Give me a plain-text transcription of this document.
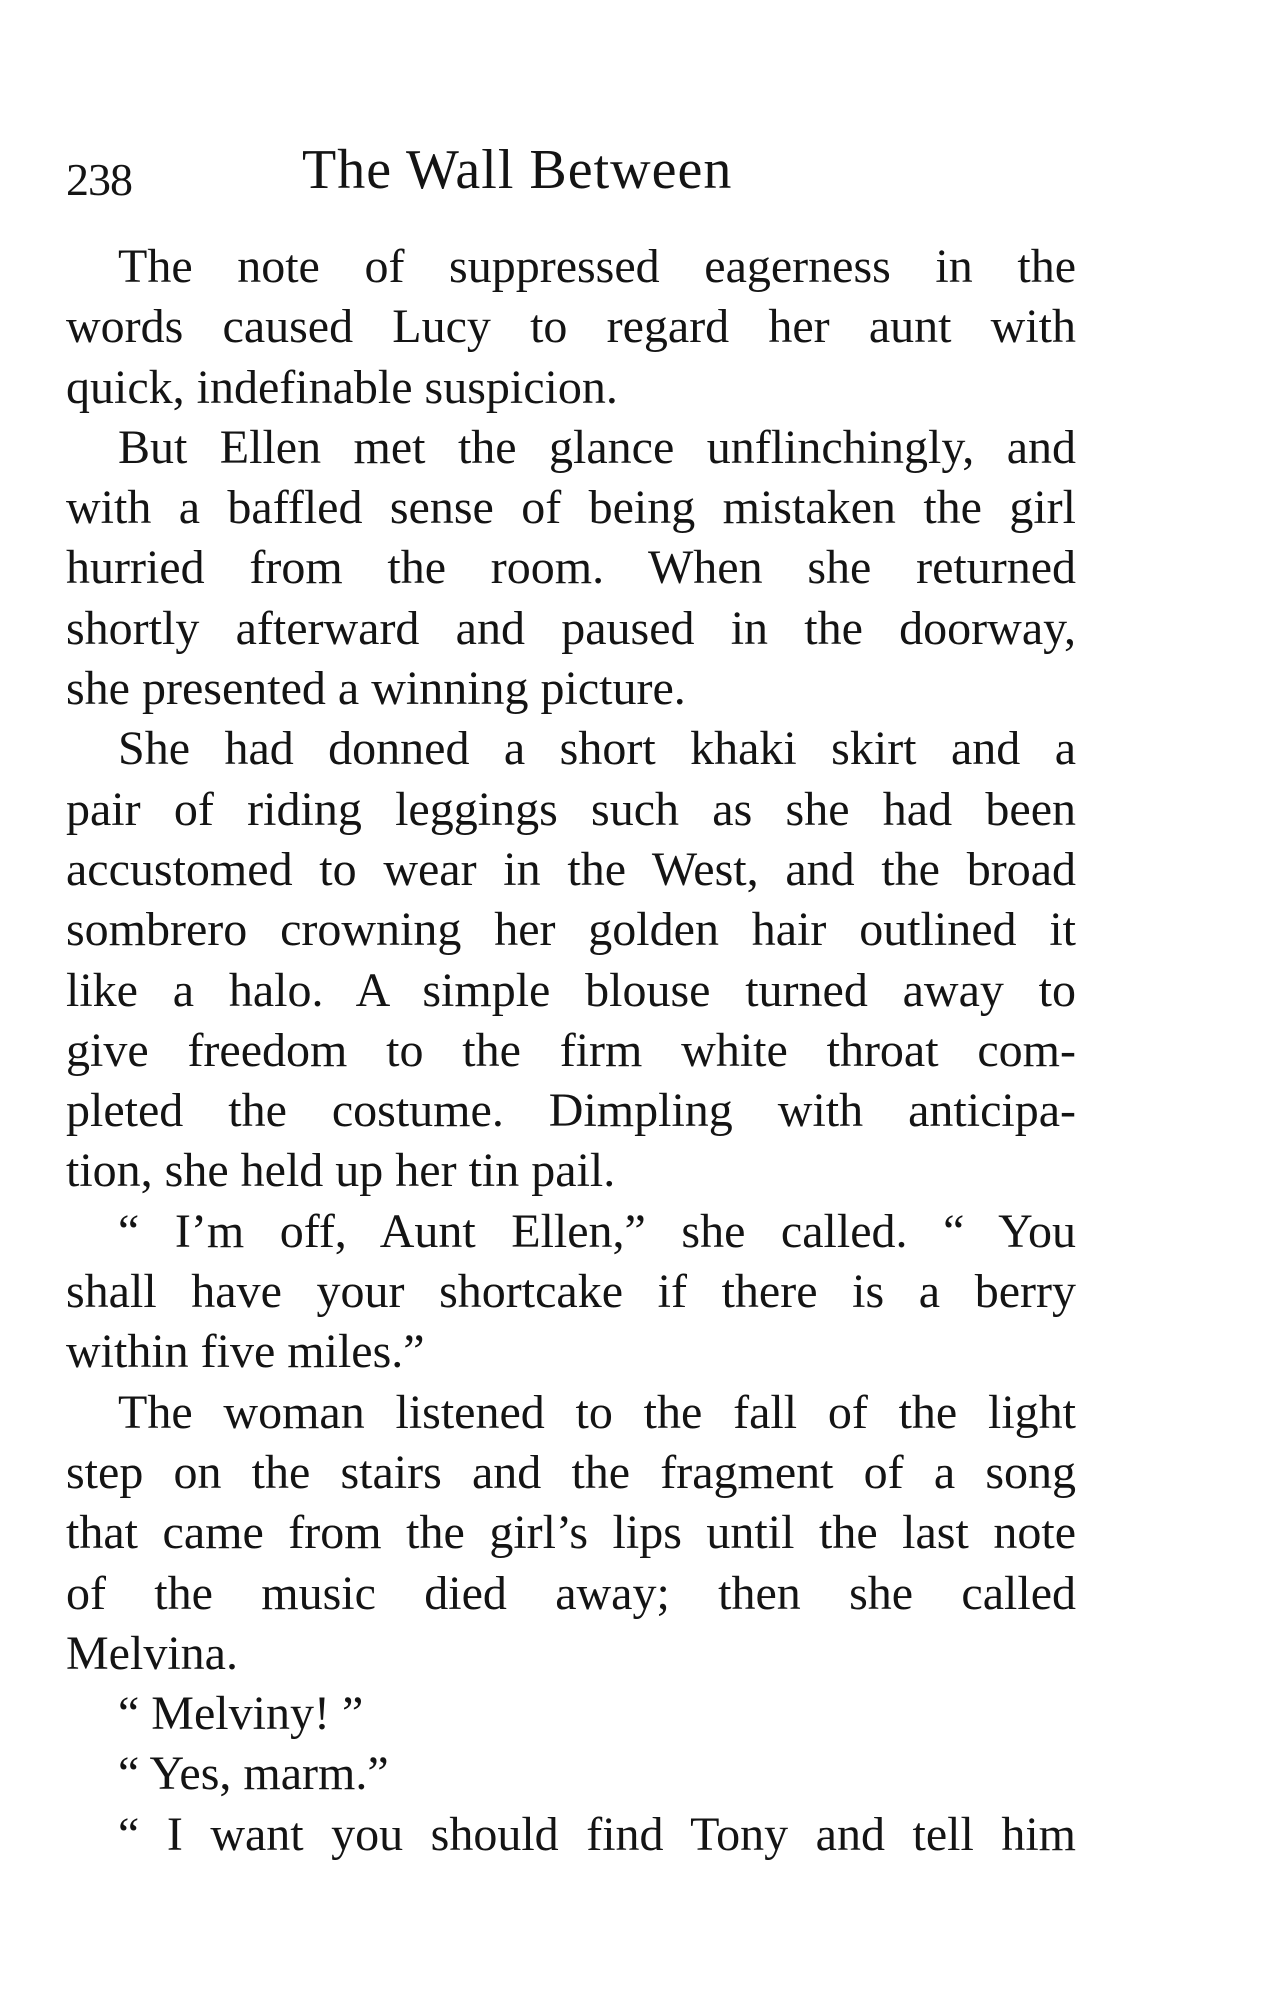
238	The Wall Between
The note of suppressed eagerness in the
words caused Lucy to regard her aunt with
quick, indefinable suspicion.
But Ellen met the glance unflinchingly, and
with a baffled sense of being mistaken the girl
hurried from the room. When she returned
shortly afterward and paused in the doorway,
she presented a winning picture.
She had donned a short khaki skirt and a
pair of riding leggings such as she had been
accustomed to wear in the West, and the broad
sombrero crowning her golden hair outlined it
like a halo. A simple blouse turned away to
give freedom to the firm white throat com-
pleted the costume. Dimpling with anticipa-
tion, she held up her tin pail.
“ I’m off, Aunt Ellen,” she called. “ You
shall have your shortcake if there is a berry
within five miles.”
The woman listened to the fall of the light
step on the stairs and the fragment of a song
that came from the girl’s lips until the last note
of the music died away; then she called
Melvina.
“ Melviny! ”
“ Yes, marm.”
“ I want you should find Tony and tell him
